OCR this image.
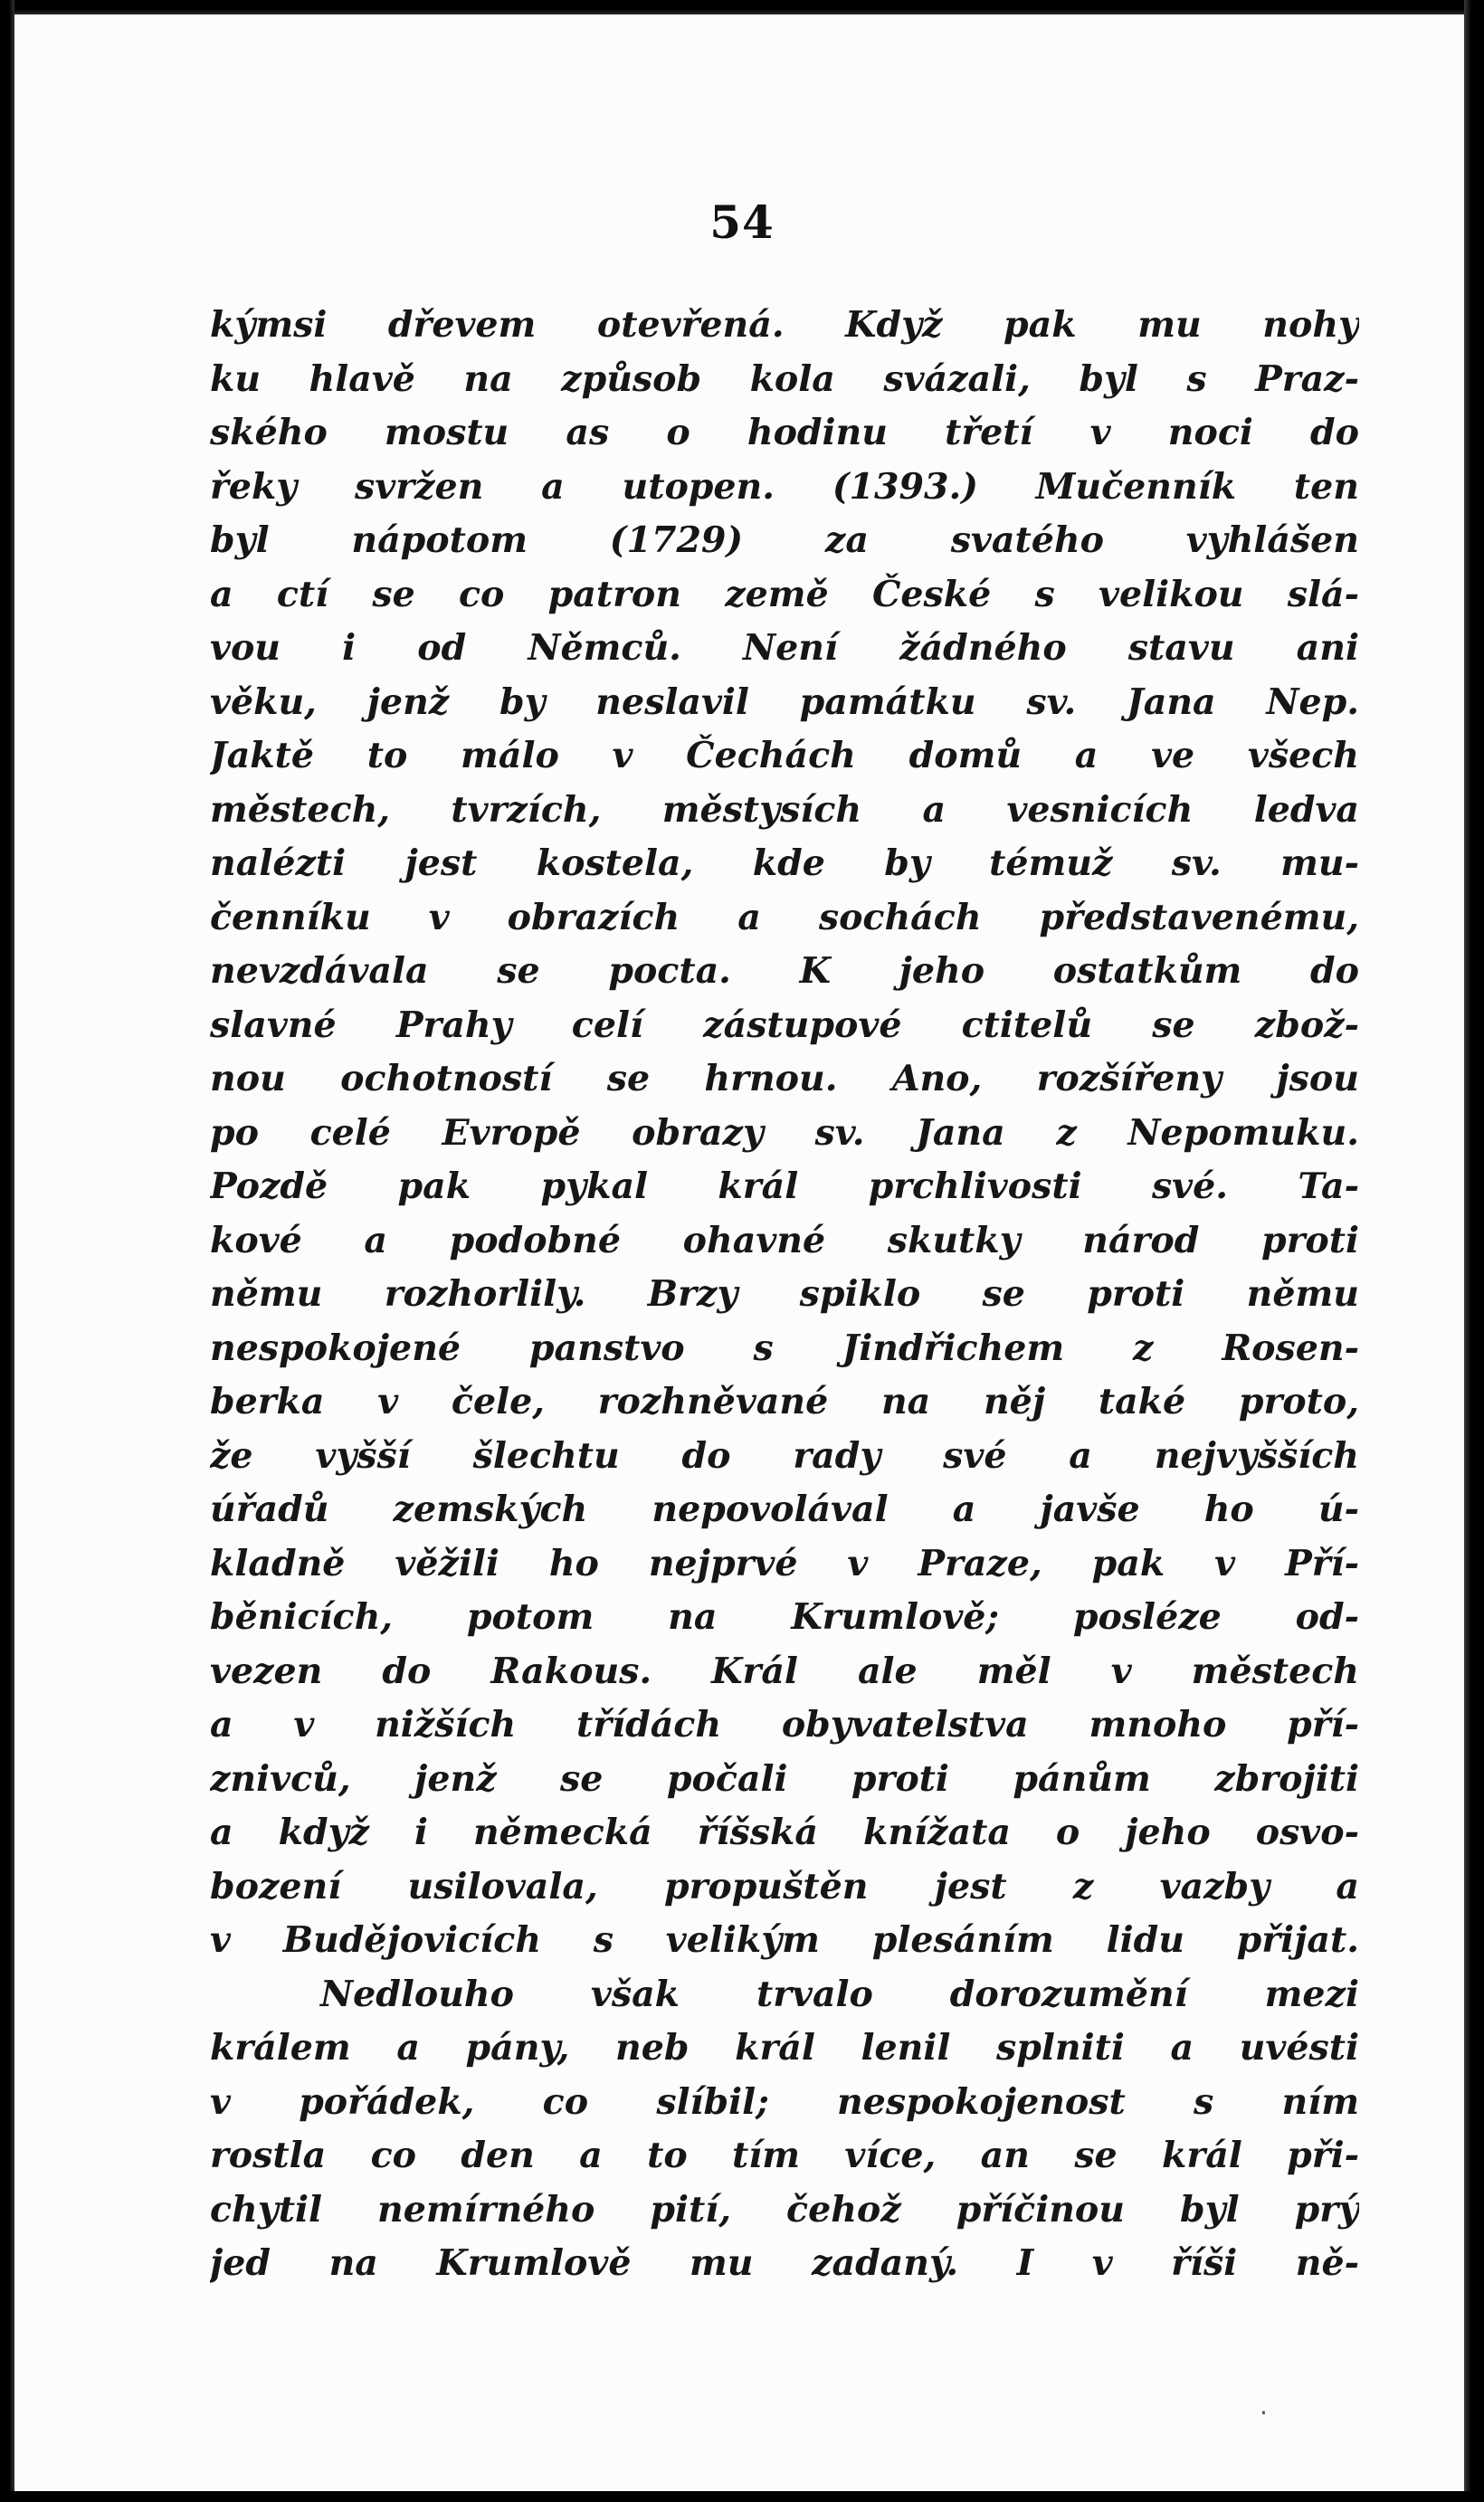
54
kýmsi dřevem otevřená. Když pak mu nohy
ku hlavě na způsob kola svázali, byl s Praz-
ského mostu as o hodinu třetí v noci do
řeky svržen a utopen. (1393.) Mučenník ten
byl nápotom (1729) za svatého vyhlášen
a ctí se co patron země České s velikou slá-
vou i od Němců. Není žádného stavu ani
věku, jenž by neslavil památku sv. Jana Nep.
Jaktě to málo v Čechách domů a ve všech
městech, tvrzích, městysích a vesnicích ledva
nalézti jest kostela, kde by témuž sv. mu-
čenníku v obrazích a sochách představenému,
nevzdávala se pocta. K jeho ostatkům do
slavné Prahy celí zástupové ctitelů se zbož-
nou ochotností se hrnou. Ano, rozšířeny jsou
po celé Evropě obrazy sv. Jana z Nepomuku.
Pozdě pak pykal král prchlivosti své. Ta-
kové a podobné ohavné skutky národ proti
němu rozhorlily. Brzy spiklo se proti němu
nespokojené panstvo s Jindřichem z Rosen-
berka v čele, rozhněvané na něj také proto,
že vyšší šlechtu do rady své a nejvyšších
úřadů zemských nepovolával a javše ho ú-
kladně věžili ho nejprvé v Praze, pak v Pří-
běnicích, potom na Krumlově; posléze od-
vezen do Rakous. Král ale měl v městech
a v nižších třídách obyvatelstva mnoho pří-
znivců, jenž se počali proti pánům zbrojiti
a když i německá říšská knížata o jeho osvo-
bození usilovala, propuštěn jest z vazby a
v Budějovicích s velikým plesáním lidu přijat.
Nedlouho však trvalo dorozumění mezi
králem a pány, neb král lenil splniti a uvésti
v pořádek, co slíbil; nespokojenost s ním
rostla co den a to tím více, an se král při-
chytil nemírného pití, čehož příčinou byl prý
jed na Krumlově mu zadaný. I v říši ně-
·
